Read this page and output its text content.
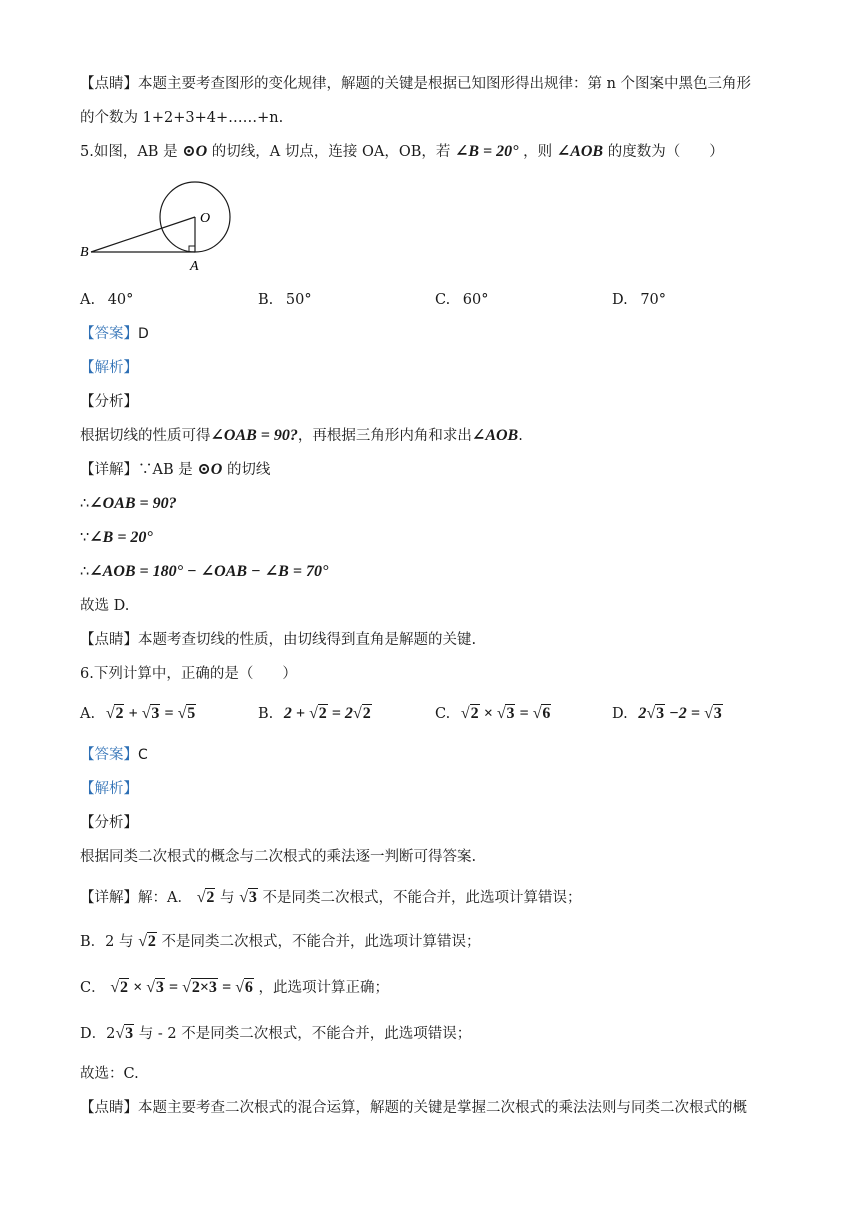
【点睛】本题主要考查图形的变化规律，解题的关键是根据已知图形得出规律：第 n 个图案中黑色三角形
的个数为 1+2+3+4+……+n.
5.如图，AB 是 ⊙O 的切线，A 切点，连接 OA，OB，若 ∠B = 20° ，则 ∠AOB 的度数为（　　）
O
A
B
A. 40°	B. 50°	C. 60°	D. 70°
【答案】D
【解析】
【分析】
根据切线的性质可得∠OAB = 90?，再根据三角形内角和求出∠AOB.
【详解】∵AB 是 ⊙O 的切线
∴∠OAB = 90?
∵∠B = 20°
∴∠AOB = 180° − ∠OAB − ∠B = 70°
故选 D.
【点睛】本题考查切线的性质，由切线得到直角是解题的关键.
6.下列计算中，正确的是（　　）
A. √2 + √3 = √5	B. 2 + √2 = 2√2	C. √2 × √3 = √6	D. 2√3 −2 = √3
【答案】C
【解析】
【分析】
根据同类二次根式的概念与二次根式的乘法逐一判断可得答案.
【详解】解：A． √2 与 √3 不是同类二次根式，不能合并，此选项计算错误；
B．2 与 √2 不是同类二次根式，不能合并，此选项计算错误；
C． √2 × √3 = √2×3 = √6 ，此选项计算正确；
D．2√3 与 - 2 不是同类二次根式，不能合并，此选项错误；
故选：C.
【点睛】本题主要考查二次根式的混合运算，解题的关键是掌握二次根式的乘法法则与同类二次根式的概
